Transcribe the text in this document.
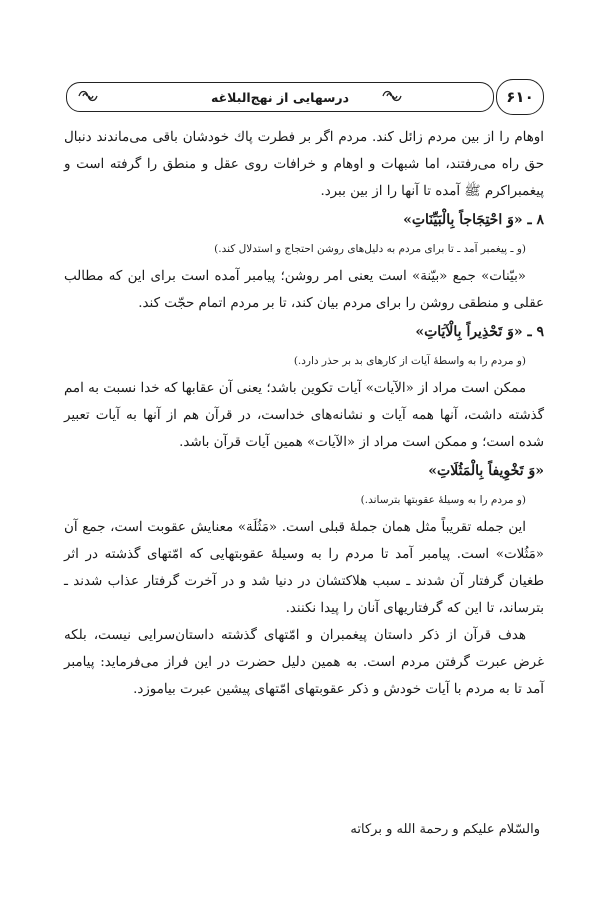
۶۱۰
درسهایی از نهج‌البلاغه

اوهام را از بین مردم زائل کند. مردم اگر بر فطرت پاك خودشان باقی می‌ماندند دنبال حق راه می‌رفتند، اما شبهات و اوهام و خرافات روی عقل و منطق را گرفته است و پیغمبراکرم ﷺ آمده تا آنها را از بین ببرد.

۸ ـ «وَ احْتِجَاجاً بِالْبَيِّنَاتِ»

(و ـ پیغمبر آمد ـ تا برای مردم به دلیل‌های روشن احتجاج و استدلال کند.)

«بیّنات» جمع «بیّنة» است یعنی امر روشن؛ پیامبر آمده است برای این که مطالب عقلی و منطقی روشن را برای مردم بیان کند، تا بر مردم اتمام حجّت کند.

۹ ـ «وَ تَحْذِيراً بِالْآيَاتِ»

(و مردم را به واسطهٔ آیات از کارهای بد بر حذر دارد.)

ممکن است مراد از «الآیات» آیات تکوین باشد؛ یعنی آن عقابها که خدا نسبت به امم گذشته داشت، آنها همه آیات و نشانه‌های خداست، در قرآن هم از آنها به آیات تعبیر شده است؛ و ممکن است مراد از «الآیات» همین آیات قرآن باشد.

«وَ تَخْوِيفاً بِالْمَثُلَاتِ»

(و مردم را به وسیلهٔ عقوبتها بترساند.)

این جمله تقریباً مثل همان جملهٔ قبلی است. «مَثُلَة» معنایش عقوبت است، جمع آن «مَثُلات» است. پیامبر آمد تا مردم را به وسیلهٔ عقوبتهایی که امّتهای گذشته در اثر طغیان گرفتار آن شدند ـ سبب هلاکتشان در دنیا شد و در آخرت گرفتار عذاب شدند ـ بترساند، تا این که گرفتاریهای آنان را پیدا نکنند.

هدف قرآن از ذکر داستان پیغمبران و امّتهای گذشته داستان‌سرایی نیست، بلکه غرض عبرت گرفتن مردم است. به همین دلیل حضرت در این فراز می‌فرماید: پیامبر آمد تا به مردم با آیات خودش و ذکر عقوبتهای امّتهای پیشین عبرت بیاموزد.

والسّلام علیکم و رحمة الله و برکاته
